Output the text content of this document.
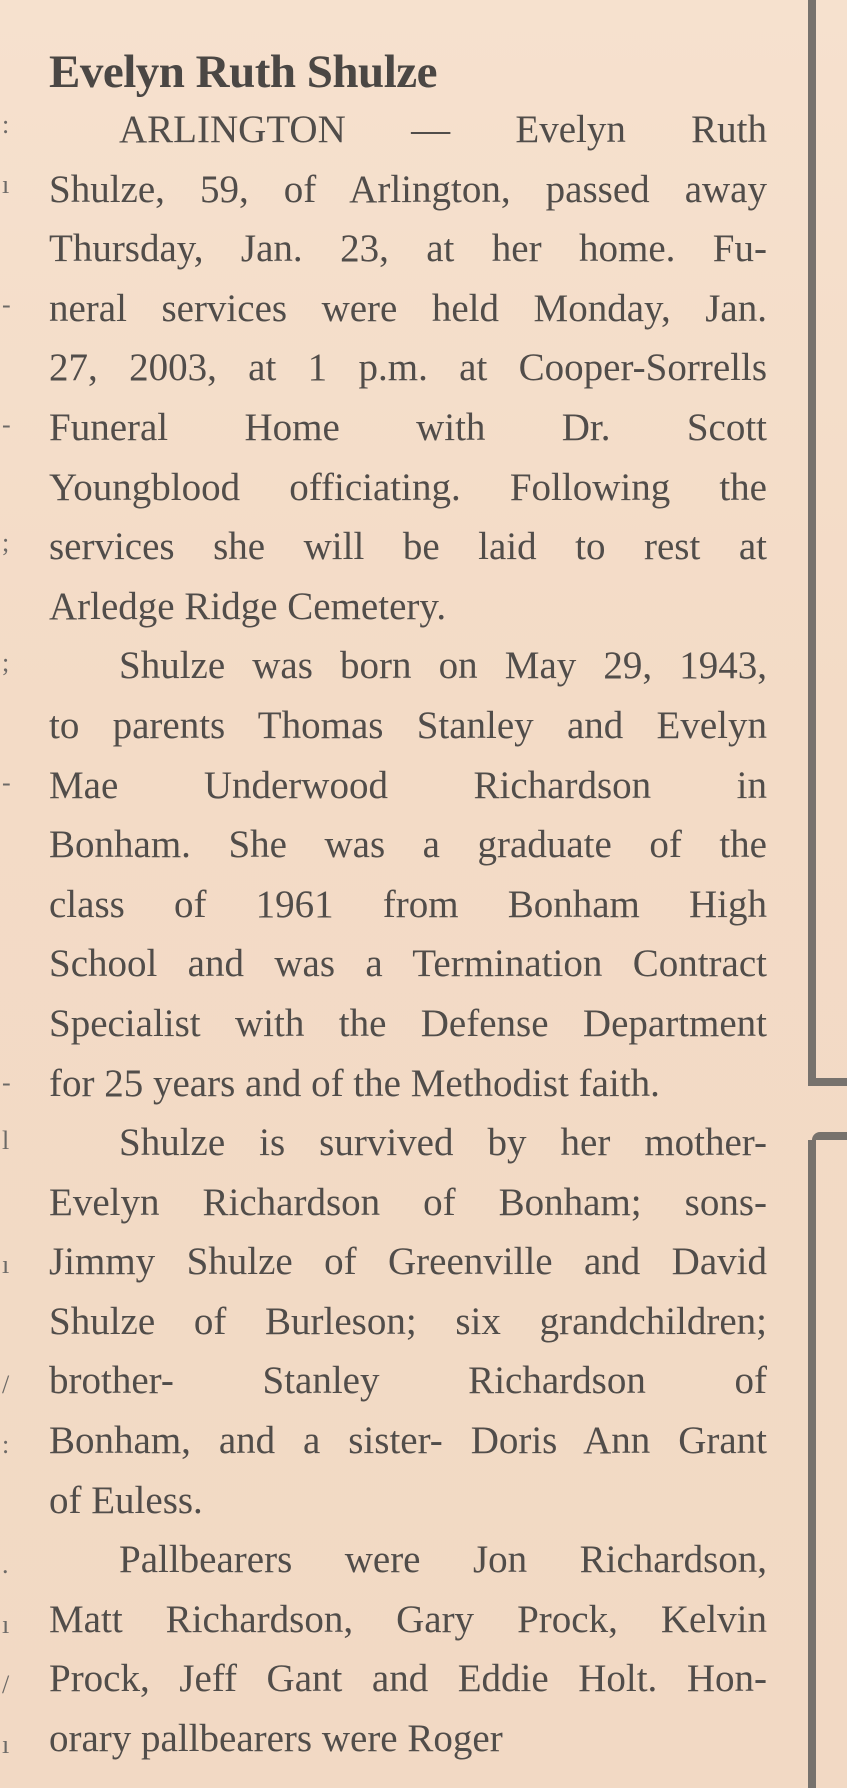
:
ı
-
-
;
;
-
-
l
ı
/
:
.
ı
/
ı
Evelyn Ruth Shulze

ARLINGTON — Evelyn Ruth
Shulze, 59, of Arlington, passed away
Thursday, Jan. 23, at her home. Fu-
neral services were held Monday, Jan.
27, 2003, at 1 p.m. at Cooper-Sorrells
Funeral Home with Dr. Scott
Youngblood officiating. Following the
services she will be laid to rest at
Arledge Ridge Cemetery.

Shulze was born on May 29, 1943,
to parents Thomas Stanley and Evelyn
Mae Underwood Richardson in
Bonham. She was a graduate of the
class of 1961 from Bonham High
School and was a Termination Contract
Specialist with the Defense Department
for 25 years and of the Methodist faith.

Shulze is survived by her mother-
Evelyn Richardson of Bonham; sons-
Jimmy Shulze of Greenville and David
Shulze of Burleson; six grandchildren;
brother- Stanley Richardson of
Bonham, and a sister- Doris Ann Grant
of Euless.

Pallbearers were Jon Richardson,
Matt Richardson, Gary Prock, Kelvin
Prock, Jeff Gant and Eddie Holt. Hon-
orary pallbearers were Roger
